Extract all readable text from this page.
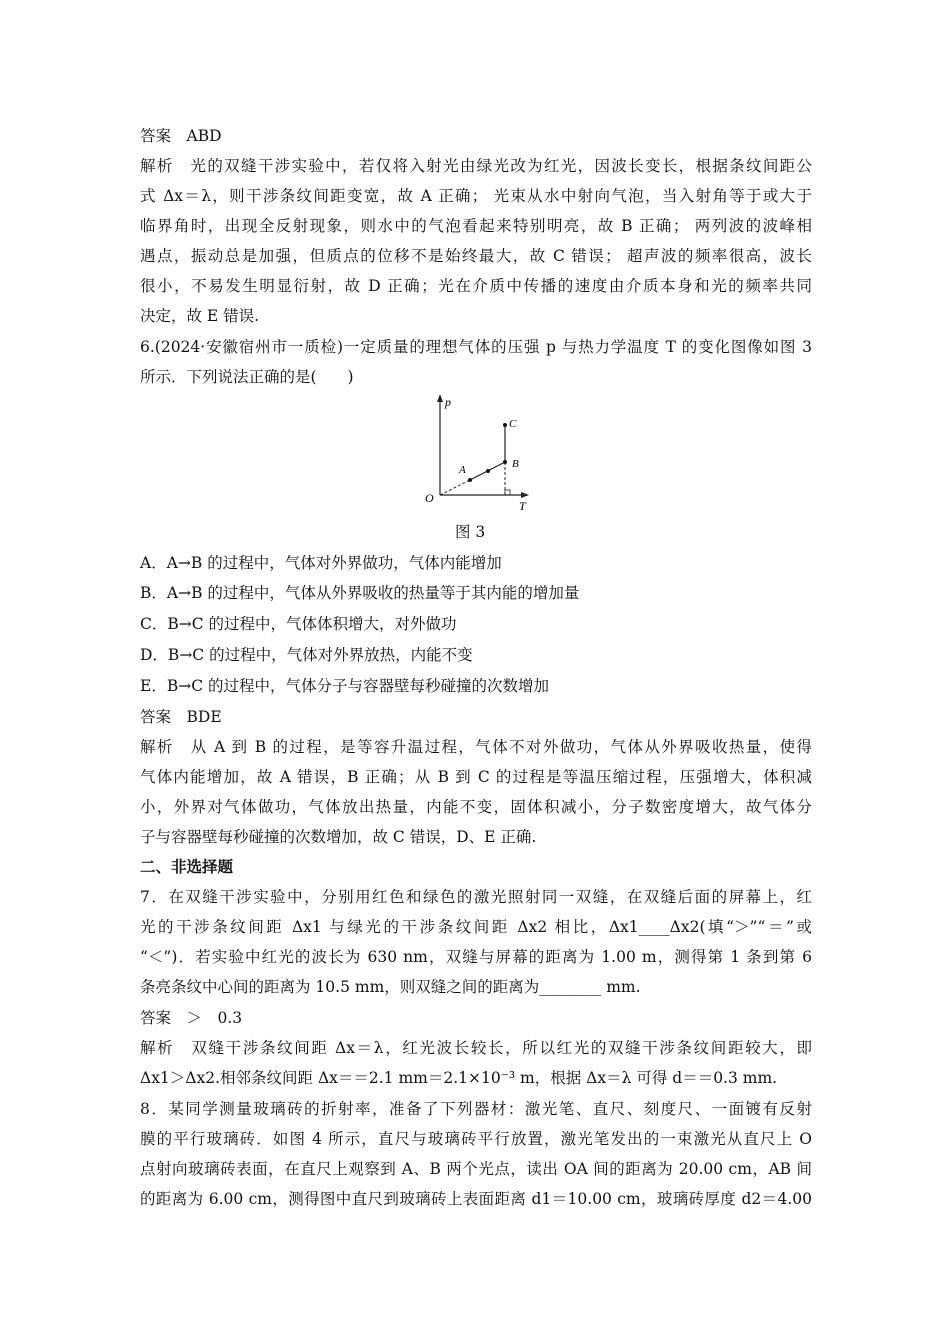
答案　ABD
解析　光的双缝干涉实验中，若仅将入射光由绿光改为红光，因波长变长，根据条纹间距公
式 Δx＝λ，则干涉条纹间距变宽，故 A 正确； 光束从水中射向气泡，当入射角等于或大于
临界角时，出现全反射现象，则水中的气泡看起来特别明亮，故 B 正确； 两列波的波峰相
遇点，振动总是加强，但质点的位移不是始终最大，故 C 错误； 超声波的频率很高，波长
很小，不易发生明显衍射，故 D 正确；光在介质中传播的速度由介质本身和光的频率共同
决定，故 E 错误.
6.(2024·安徽宿州市一质检)一定质量的理想气体的压强 p 与热力学温度 T 的变化图像如图 3
所示．下列说法正确的是(　　)
p
T
O
A	B
C
图 3
A．A→B 的过程中，气体对外界做功，气体内能增加
B．A→B 的过程中，气体从外界吸收的热量等于其内能的增加量
C．B→C 的过程中，气体体积增大，对外做功
D．B→C 的过程中，气体对外界放热，内能不变
E．B→C 的过程中，气体分子与容器壁每秒碰撞的次数增加
答案　BDE
解析　从 A 到 B 的过程，是等容升温过程，气体不对外做功，气体从外界吸收热量，使得
气体内能增加，故 A 错误，B 正确；从 B 到 C 的过程是等温压缩过程，压强增大，体积减
小，外界对气体做功，气体放出热量，内能不变，固体积减小，分子数密度增大，故气体分
子与容器壁每秒碰撞的次数增加，故 C 错误，D、E 正确.
二、非选择题
7．在双缝干涉实验中，分别用红色和绿色的激光照射同一双缝，在双缝后面的屏幕上，红
光的干涉条纹间距 Δx1 与绿光的干涉条纹间距 Δx2 相比，Δx1____Δx2(填“＞”“＝”或
“＜”)．若实验中红光的波长为 630 nm，双缝与屏幕的距离为 1.00 m，测得第 1 条到第 6
条亮条纹中心间的距离为 10.5 mm，则双缝之间的距离为________ mm.
答案　＞　0.3
解析　双缝干涉条纹间距 Δx＝λ，红光波长较长，所以红光的双缝干涉条纹间距较大，即
Δx1＞Δx2.相邻条纹间距 Δx＝＝2.1 mm＝2.1×10⁻³ m，根据 Δx＝λ 可得 d＝＝0.3 mm.
8．某同学测量玻璃砖的折射率，准备了下列器材：激光笔、直尺、刻度尺、一面镀有反射
膜的平行玻璃砖．如图 4 所示，直尺与玻璃砖平行放置，激光笔发出的一束激光从直尺上 O
点射向玻璃砖表面，在直尺上观察到 A、B 两个光点，读出 OA 间的距离为 20.00 cm，AB 间
的距离为 6.00 cm，测得图中直尺到玻璃砖上表面距离 d1＝10.00 cm，玻璃砖厚度 d2＝4.00
